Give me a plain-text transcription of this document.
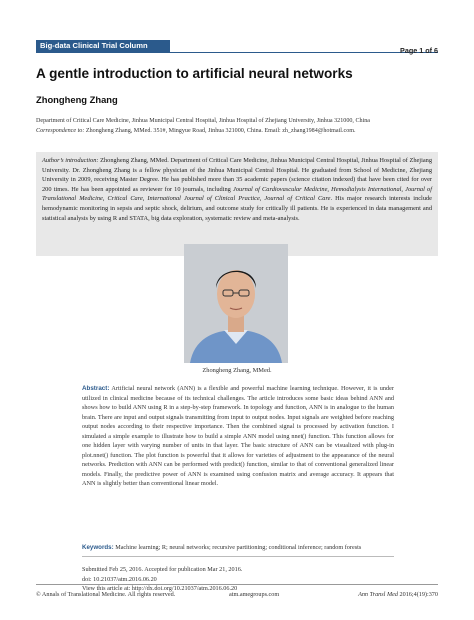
Big-data Clinical Trial Column
Page 1 of 6
A gentle introduction to artificial neural networks
Zhongheng Zhang
Department of Critical Care Medicine, Jinhua Municipal Central Hospital, Jinhua Hospital of Zhejiang University, Jinhua 321000, China
Correspondence to: Zhongheng Zhang, MMed. 351#, Mingyue Road, Jinhua 321000, China. Email: zh_zhang1984@hotmail.com.
Author’s introduction: Zhongheng Zhang, MMed. Department of Critical Care Medicine, Jinhua Municipal Central Hospital, Jinhua Hospital of Zhejiang University. Dr. Zhongheng Zhang is a fellow physician of the Jinhua Municipal Central Hospital. He graduated from School of Medicine, Zhejiang University in 2009, receiving Master Degree. He has published more than 35 academic papers (science citation indexed) that have been cited for over 200 times. He has been appointed as reviewer for 10 journals, including Journal of Cardiovascular Medicine, Hemodialysis International, Journal of Translational Medicine, Critical Care, International Journal of Clinical Practice, Journal of Critical Care. His major research interests include hemodynamic monitoring in sepsis and septic shock, delirium, and outcome study for critically ill patients. He is experienced in data management and statistical analysis by using R and STATA, big data exploration, systematic review and meta-analysis.
Zhongheng Zhang, MMed.
Abstract: Artificial neural network (ANN) is a flexible and powerful machine learning technique. However, it is under utilized in clinical medicine because of its technical challenges. The article introduces some basic ideas behind ANN and shows how to build ANN using R in a step-by-step framework. In topology and function, ANN is in analogue to the human brain. There are input and output signals transmitting from input to output nodes. Input signals are weighted before reaching output nodes according to their respective importance. Then the combined signal is processed by activation function. I simulated a simple example to illustrate how to build a simple ANN model using nnet() function. This function allows for one hidden layer with varying number of units in that layer. The basic structure of ANN can be visualized with plug-in plot.nnet() function. The plot function is powerful that it allows for varieties of adjustment to the appearance of the neural networks. Prediction with ANN can be performed with predict() function, similar to that of conventional generalized linear models. Finally, the predictive power of ANN is examined using confusion matrix and average accuracy. It appears that ANN is slightly better than conventional linear model.
Keywords: Machine learning; R; neural networks; recursive partitioning; conditional inference; random forests
Submitted Feb 25, 2016. Accepted for publication Mar 21, 2016.
doi: 10.21037/atm.2016.06.20
View this article at: http://dx.doi.org/10.21037/atm.2016.06.20
© Annals of Translational Medicine. All rights reserved.	atm.amegroups.com	Ann Transl Med 2016;4(19):370
